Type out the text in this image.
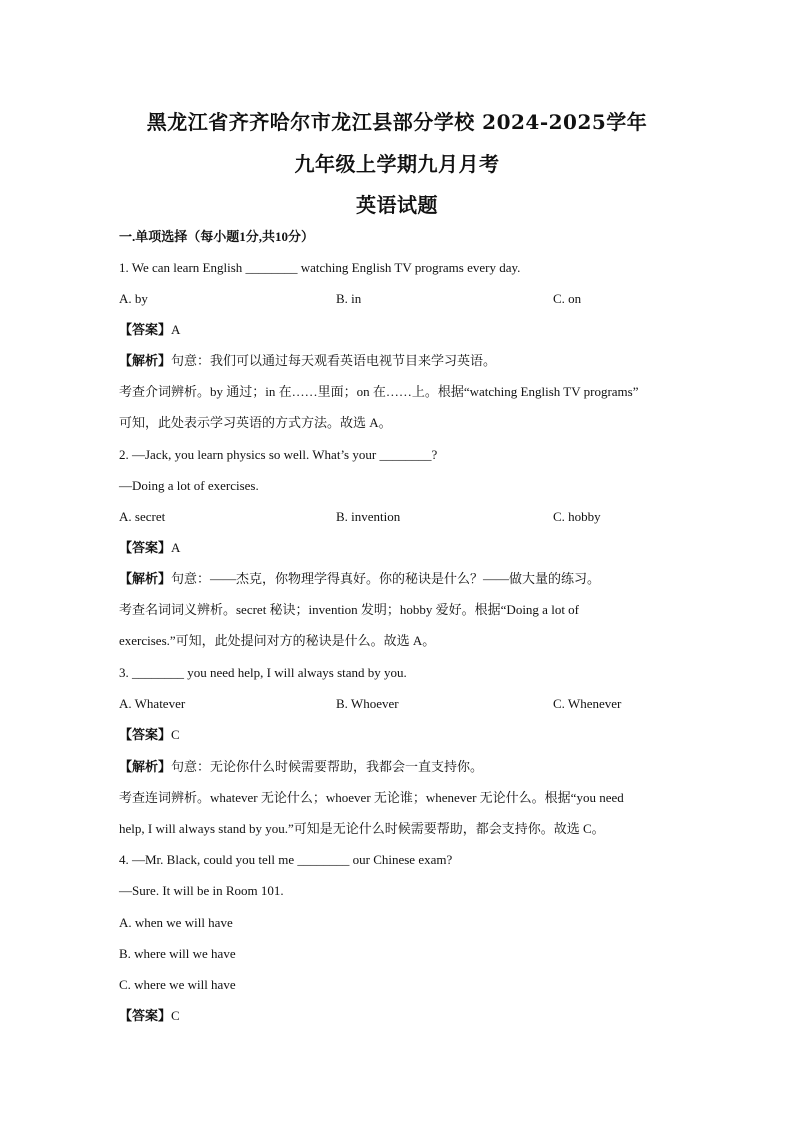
黑龙江省齐齐哈尔市龙江县部分学校 2024-2025学年
九年级上学期九月月考
英语试题
一.单项选择（每小题1分,共10分）
1. We can learn English ________ watching English TV programs every day.
A. by	B. in	C. on
【答案】A
【解析】句意：我们可以通过每天观看英语电视节目来学习英语。
考查介词辨析。by 通过；in 在……里面；on 在……上。根据“watching English TV programs”
可知，此处表示学习英语的方式方法。故选 A。
2. —Jack, you learn physics so well. What’s your ________?
—Doing a lot of exercises.
A. secret	B. invention	C. hobby
【答案】A
【解析】句意：——杰克，你物理学得真好。你的秘诀是什么？——做大量的练习。
考查名词词义辨析。secret 秘诀；invention 发明；hobby 爱好。根据“Doing a lot of
exercises.”可知，此处提问对方的秘诀是什么。故选 A。
3. ________ you need help, I will always stand by you.
A. Whatever	B. Whoever	C. Whenever
【答案】C
【解析】句意：无论你什么时候需要帮助，我都会一直支持你。
考查连词辨析。whatever 无论什么；whoever 无论谁；whenever 无论什么。根据“you need
help, I will always stand by you.”可知是无论什么时候需要帮助，都会支持你。故选 C。
4. —Mr. Black, could you tell me ________ our Chinese exam?
—Sure. It will be in Room 101.
A. when we will have
B. where will we have
C. where we will have
【答案】C
